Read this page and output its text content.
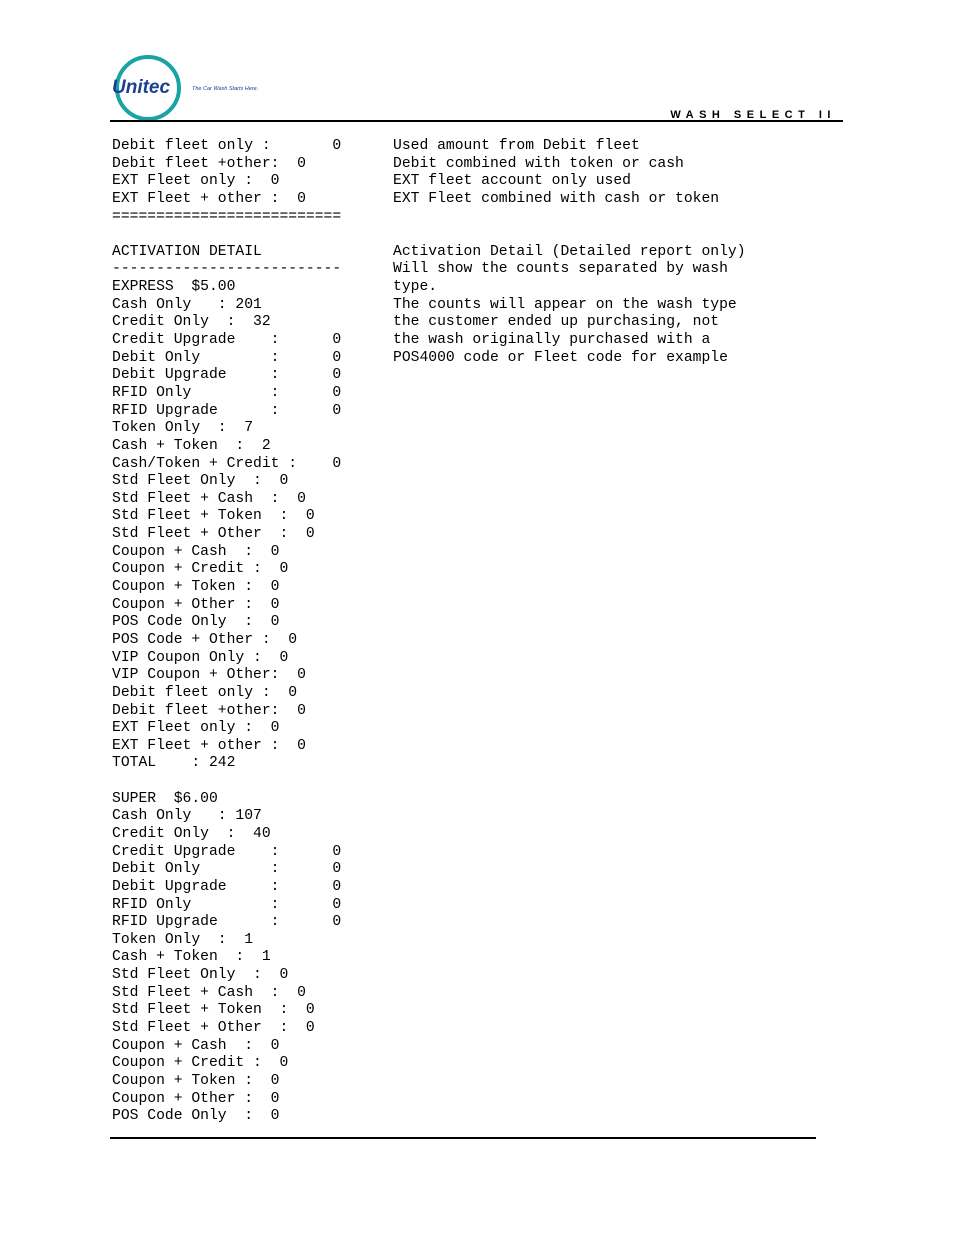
Unitec	The Car Wash Starts Here.
WASH SELECT II
Debit fleet only :       0
Debit fleet +other:  0
EXT Fleet only :  0
EXT Fleet + other :  0
==========================
ACTIVATION DETAIL
--------------------------
EXPRESS  $5.00
Cash Only   : 201
Credit Only  :  32
Credit Upgrade    :      0
Debit Only        :      0
Debit Upgrade     :      0
RFID Only         :      0
RFID Upgrade      :      0
Token Only  :  7
Cash + Token  :  2
Cash/Token + Credit :    0
Std Fleet Only  :  0
Std Fleet + Cash  :  0
Std Fleet + Token  :  0
Std Fleet + Other  :  0
Coupon + Cash  :  0
Coupon + Credit :  0
Coupon + Token :  0
Coupon + Other :  0
POS Code Only  :  0
POS Code + Other :  0
VIP Coupon Only :  0
VIP Coupon + Other:  0
Debit fleet only :  0
Debit fleet +other:  0
EXT Fleet only :  0
EXT Fleet + other :  0
TOTAL    : 242
SUPER  $6.00
Cash Only   : 107
Credit Only  :  40
Credit Upgrade    :      0
Debit Only        :      0
Debit Upgrade     :      0
RFID Only         :      0
RFID Upgrade      :      0
Token Only  :  1
Cash + Token  :  1
Std Fleet Only  :  0
Std Fleet + Cash  :  0
Std Fleet + Token  :  0
Std Fleet + Other  :  0
Coupon + Cash  :  0
Coupon + Credit :  0
Coupon + Token :  0
Coupon + Other :  0
POS Code Only  :  0
Used amount from Debit fleet
Debit combined with token or cash
EXT fleet account only used
EXT Fleet combined with cash or token
Activation Detail (Detailed report only)
Will show the counts separated by wash
type.
The counts will appear on the wash type
the customer ended up purchasing, not
the wash originally purchased with a
POS4000 code or Fleet code for example
